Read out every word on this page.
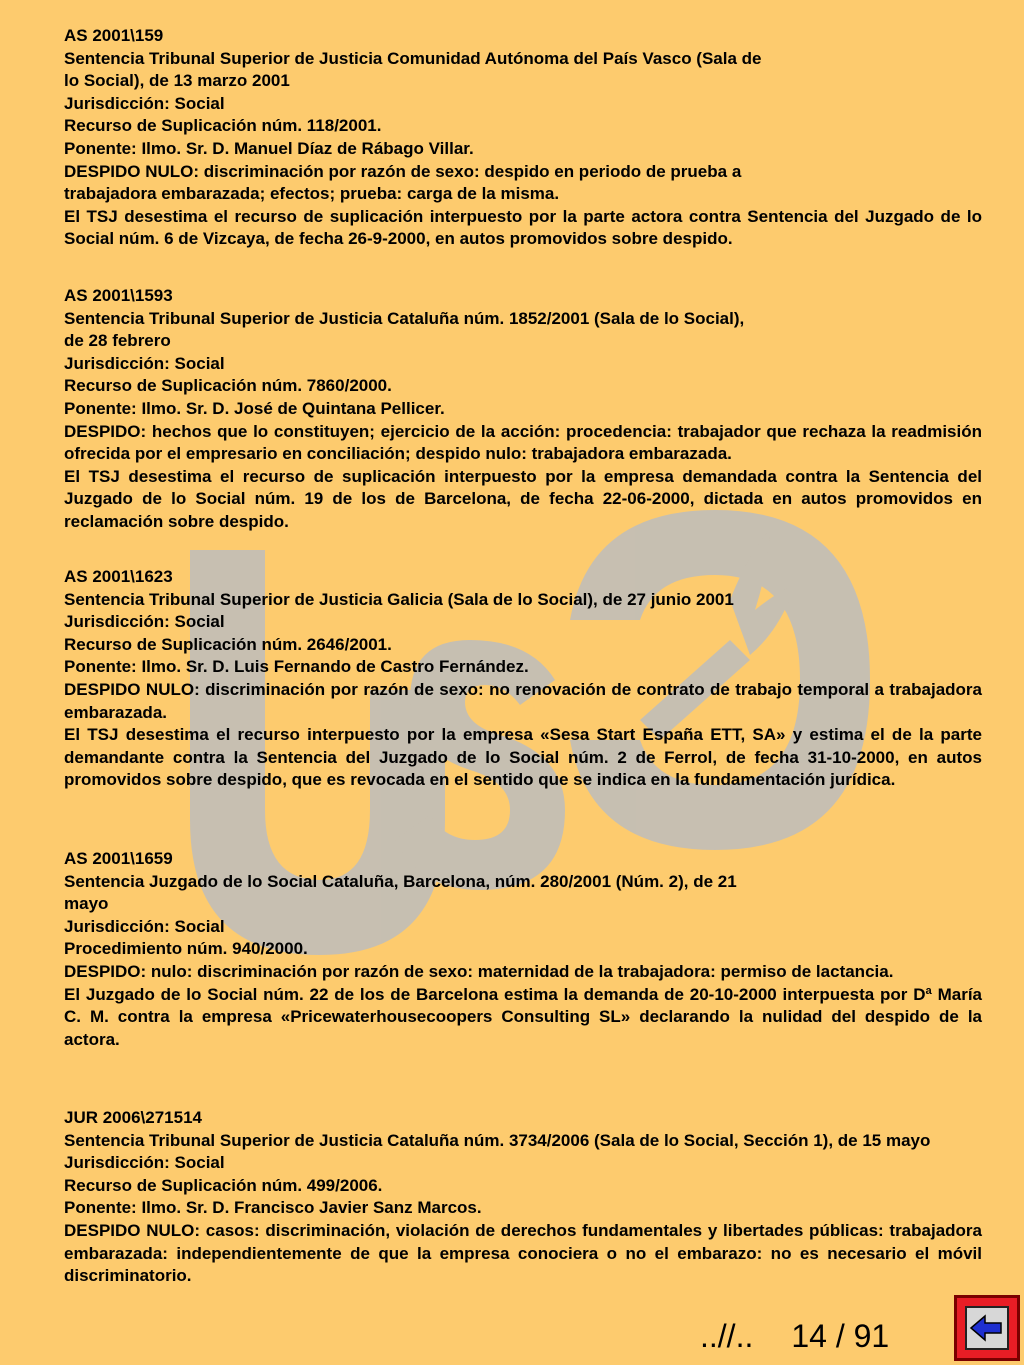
AS 2001\159

Sentencia Tribunal Superior de Justicia Comunidad Autónoma del País Vasco (Sala de

lo Social), de 13 marzo 2001

Jurisdicción: Social

Recurso de Suplicación núm. 118/2001.

Ponente: Ilmo. Sr. D. Manuel Díaz de Rábago Villar.

DESPIDO NULO: discriminación por razón de sexo: despido en periodo de prueba a

trabajadora embarazada; efectos; prueba: carga de la misma.

El TSJ desestima el recurso de suplicación interpuesto por la parte actora contra Sentencia del Juzgado de lo Social núm. 6 de Vizcaya, de fecha 26-9-2000, en autos promovidos sobre despido.

AS 2001\1593

Sentencia Tribunal Superior de Justicia Cataluña núm. 1852/2001 (Sala de lo Social),

de 28 febrero

Jurisdicción: Social

Recurso de Suplicación núm. 7860/2000.

Ponente: Ilmo. Sr. D. José de Quintana Pellicer.

DESPIDO: hechos que lo constituyen; ejercicio de la acción: procedencia: trabajador que rechaza la readmisión ofrecida por el empresario en conciliación; despido nulo: trabajadora embarazada.

El TSJ desestima el recurso de suplicación interpuesto por la empresa demandada contra la Sentencia del Juzgado de lo Social núm. 19 de los de Barcelona, de fecha 22-06-2000, dictada en autos promovidos en reclamación sobre despido.

AS 2001\1623

Sentencia Tribunal Superior de Justicia Galicia (Sala de lo Social), de 27 junio 2001

Jurisdicción: Social

Recurso de Suplicación núm. 2646/2001.

Ponente: Ilmo. Sr. D. Luis Fernando de Castro Fernández.

DESPIDO NULO: discriminación por razón de sexo: no renovación de contrato de trabajo temporal a trabajadora embarazada.

El TSJ desestima el recurso interpuesto por la empresa «Sesa Start España ETT, SA» y estima el de la parte demandante contra la Sentencia del Juzgado de lo Social núm. 2 de Ferrol, de fecha 31-10-2000, en autos promovidos sobre despido, que es revocada en el sentido que se indica en la fundamentación jurídica.

AS 2001\1659

Sentencia Juzgado de lo Social Cataluña, Barcelona, núm. 280/2001 (Núm. 2), de 21

mayo

Jurisdicción: Social

Procedimiento núm. 940/2000.

DESPIDO: nulo: discriminación por razón de sexo: maternidad de la trabajadora: permiso de lactancia.

El Juzgado de lo Social núm. 22 de los de Barcelona estima la demanda de 20-10-2000 interpuesta por Dª María C. M. contra la empresa «Pricewaterhousecoopers Consulting SL» declarando la nulidad del despido de la actora.

JUR 2006\271514

Sentencia Tribunal Superior de Justicia Cataluña núm. 3734/2006 (Sala de lo Social, Sección 1), de 15 mayo

Jurisdicción: Social

Recurso de Suplicación núm. 499/2006.

Ponente: Ilmo. Sr. D. Francisco Javier Sanz Marcos.

DESPIDO NULO: casos: discriminación, violación de derechos fundamentales y libertades públicas: trabajadora embarazada: independientemente de que la empresa conociera o no el embarazo: no es necesario el móvil discriminatorio.

..//.. 14 / 91
